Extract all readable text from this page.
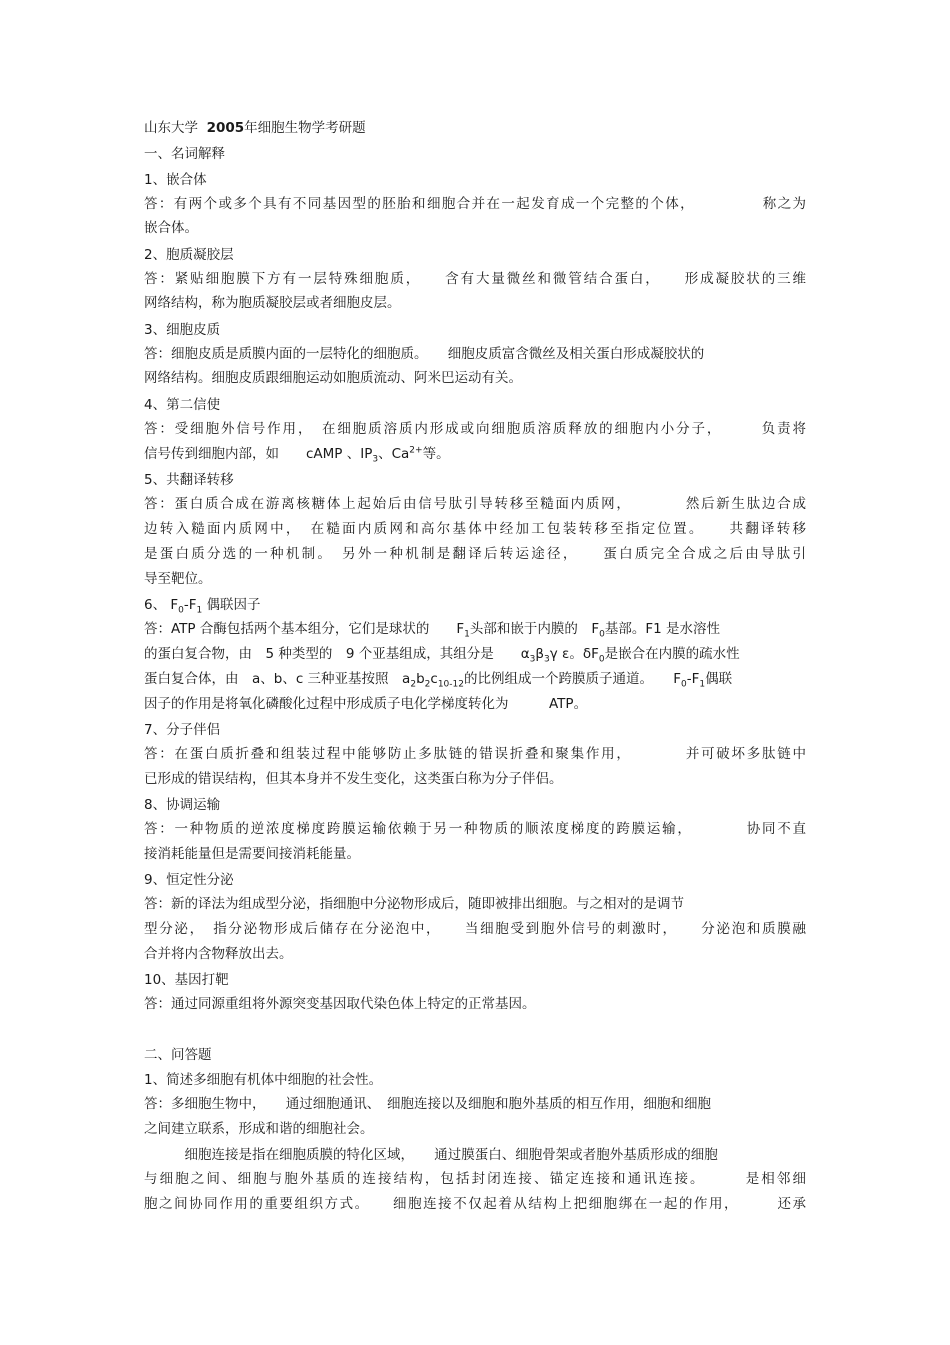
山东大学 2005年细胞生物学考研题
一、名词解释
1、嵌合体
答：有两个或多个具有不同基因型的胚胎和细胞合并在一起发育成一个完整的个体，　　　　　称之为
嵌合体。
2、胞质凝胶层
答：紧贴细胞膜下方有一层特殊细胞质，　　含有大量微丝和微管结合蛋白，　　形成凝胶状的三维
网络结构，称为胞质凝胶层或者细胞皮层。
3、细胞皮质
答：细胞皮质是质膜内面的一层特化的细胞质。　　细胞皮质富含微丝及相关蛋白形成凝胶状的
网络结构。细胞皮质跟细胞运动如胞质流动、阿米巴运动有关。
4、第二信使
答：受细胞外信号作用，　在细胞质溶质内形成或向细胞质溶质释放的细胞内小分子，　　　负责将
信号传到细胞内部，如　　cAMP 、$IP_3$、$Ca^{2+}$等。
5、共翻译转移
答：蛋白质合成在游离核糖体上起始后由信号肽引导转移至糙面内质网，　　　　然后新生肽边合成
边转入糙面内质网中，　在糙面内质网和高尔基体中经加工包装转移至指定位置。　　共翻译转移
是蛋白质分选的一种机制。　另外一种机制是翻译后转运途径，　　蛋白质完全合成之后由导肽引
导至靶位。
6、 $F_0-F_1$ 偶联因子
答：ATP 合酶包括两个基本组分，它们是球状的　　$F_1$头部和嵌于内膜的　$F_0$基部。F1 是水溶性
的蛋白复合物，由　5 种类型的　9 个亚基组成，其组分是　　$\alpha_3\beta_3\gamma$ ε。$\delta F_0$是嵌合在内膜的疏水性
蛋白复合体，由　a、b、c 三种亚基按照　$a_2b_2c_{10-12}$的比例组成一个跨膜质子通道。　　$F_0-F_1$偶联
因子的作用是将氧化磷酸化过程中形成质子电化学梯度转化为　　　ATP。
7、分子伴侣
答：在蛋白质折叠和组装过程中能够防止多肽链的错误折叠和聚集作用，　　　　并可破坏多肽链中
已形成的错误结构，但其本身并不发生变化，这类蛋白称为分子伴侣。
8、协调运输
答：一种物质的逆浓度梯度跨膜运输依赖于另一种物质的顺浓度梯度的跨膜运输，　　　　协同不直
接消耗能量但是需要间接消耗能量。
9、恒定性分泌
答：新的译法为组成型分泌，指细胞中分泌物形成后，随即被排出细胞。与之相对的是调节
型分泌，　指分泌物形成后储存在分泌泡中，　　当细胞受到胞外信号的刺激时，　　分泌泡和质膜融
合并将内含物释放出去。
10、基因打靶
答：通过同源重组将外源突变基因取代染色体上特定的正常基因。
二、问答题
1、简述多细胞有机体中细胞的社会性。
答：多细胞生物中，　　通过细胞通讯、　细胞连接以及细胞和胞外基质的相互作用，细胞和细胞
之间建立联系，形成和谐的细胞社会。
　　　细胞连接是指在细胞质膜的特化区域，　　通过膜蛋白、细胞骨架或者胞外基质形成的细胞
与细胞之间、细胞与胞外基质的连接结构，包括封闭连接、锚定连接和通讯连接。　　　是相邻细
胞之间协同作用的重要组织方式。　　细胞连接不仅起着从结构上把细胞绑在一起的作用，　　　还承
